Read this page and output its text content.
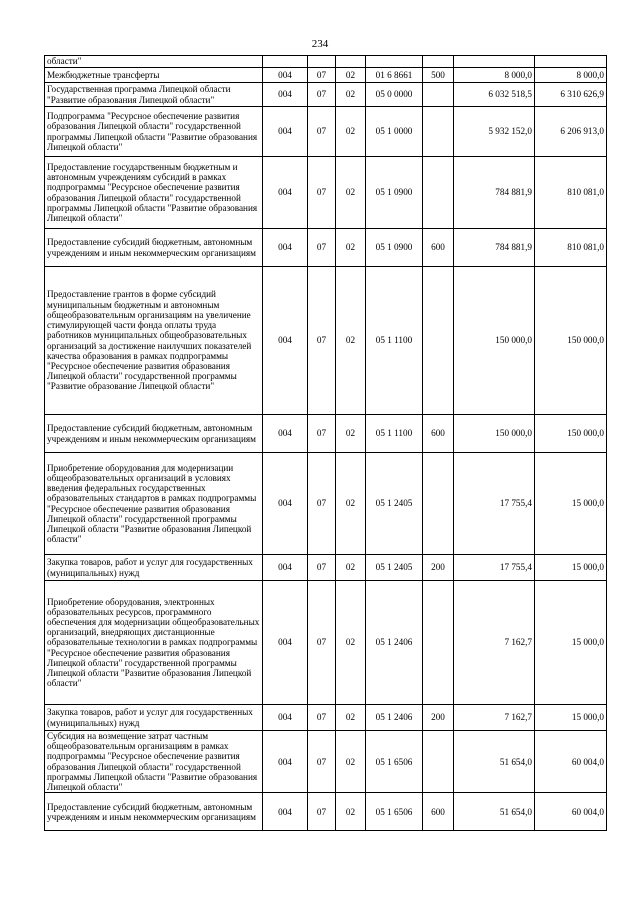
234
области"							
Межбюджетные трансферты	004	07	02	01 6 8661	500	8 000,0	8 000,0
Государственная программа Липецкой области "Развитие образования Липецкой области"	004	07	02	05 0 0000		6 032 518,5	6 310 626,9
Подпрограмма "Ресурсное обеспечение развития образования Липецкой области" государственной программы Липецкой области "Развитие образования Липецкой области"	004	07	02	05 1 0000		5 932 152,0	6 206 913,0
Предоставление государственным бюджетным и автономным учреждениям субсидий в рамках подпрограммы "Ресурсное обеспечение развития образования Липецкой области" государственной программы Липецкой области "Развитие образования Липецкой области"	004	07	02	05 1 0900		784 881,9	810 081,0
Предоставление субсидий бюджетным, автономным учреждениям и иным некоммерческим организациям	004	07	02	05 1 0900	600	784 881,9	810 081,0
Предоставление грантов в форме субсидий муниципальным бюджетным и автономным общеобразовательным организациям на увеличение стимулирующей части фонда оплаты труда работников муниципальных общеобразовательных организаций за достижение наилучших показателей качества образования в рамках подпрограммы "Ресурсное обеспечение развития образования Липецкой области" государственной программы "Развитие образование Липецкой области"	004	07	02	05 1 1100		150 000,0	150 000,0
Предоставление субсидий бюджетным, автономным учреждениям и иным некоммерческим организациям	004	07	02	05 1 1100	600	150 000,0	150 000,0
Приобретение оборудования для модернизации общеобразовательных организаций в условиях введения федеральных государственных образовательных стандартов в рамках подпрограммы "Ресурсное обеспечение развития образования Липецкой области" государственной программы Липецкой области "Развитие образования Липецкой области"	004	07	02	05 1 2405		17 755,4	15 000,0
Закупка товаров, работ и услуг для государственных (муниципальных) нужд	004	07	02	05 1 2405	200	17 755,4	15 000,0
Приобретение оборудования, электронных образовательных ресурсов, программного обеспечения для модернизации общеобразовательных организаций, внедряющих дистанционные образовательные технологии в рамках подпрограммы "Ресурсное обеспечение развития образования Липецкой области" государственной программы Липецкой области "Развитие образования Липецкой области"	004	07	02	05 1 2406		7 162,7	15 000,0
Закупка товаров, работ и услуг для государственных (муниципальных) нужд	004	07	02	05 1 2406	200	7 162,7	15 000,0
Субсидия на возмещение затрат частным общеобразовательным организациям в рамках подпрограммы "Ресурсное обеспечение развития образования Липецкой области" государственной программы Липецкой области "Развитие образования Липецкой области"	004	07	02	05 1 6506		51 654,0	60 004,0
Предоставление субсидий бюджетным, автономным учреждениям и иным некоммерческим организациям	004	07	02	05 1 6506	600	51 654,0	60 004,0
